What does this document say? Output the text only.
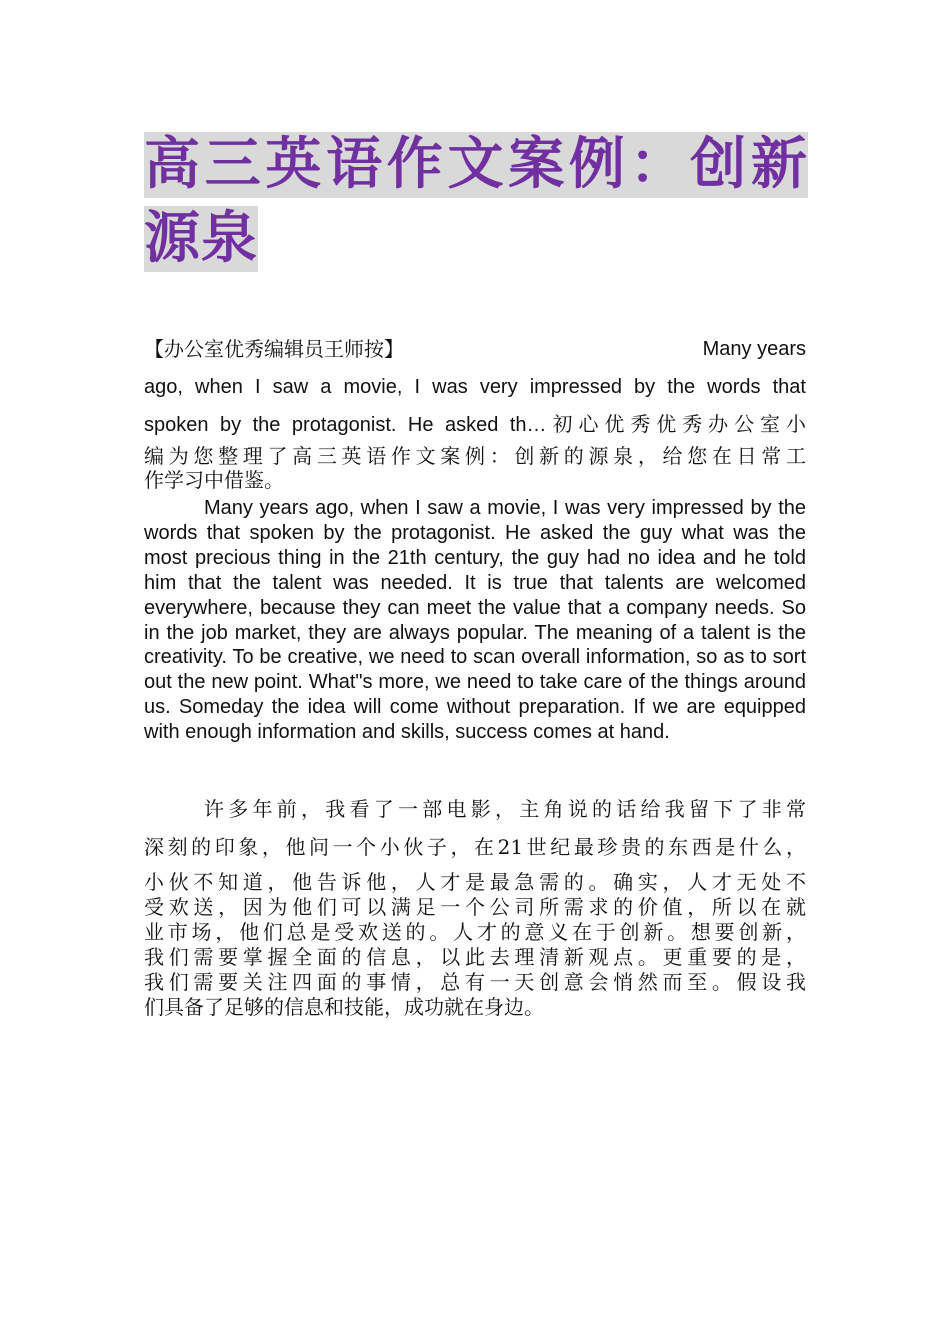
高三英语作文案例：创新
源泉
【办公室优秀编辑员王师按】	Many years
ago, when I saw a movie, I was very impressed by the words that
spoken by the protagonist. He asked th…初心优秀优秀办公室小
编为您整理了高三英语作文案例：创新的源泉，给您在日常工
作学习中借鉴。

Many years ago, when I saw a movie, I was very impressed by the words that spoken by the protagonist. He asked the guy what was the most precious thing in the 21th century, the guy had no idea and he told him that the talent was needed. It is true that talents are welcomed everywhere, because they can meet the value that a company needs. So in the job market, they are always popular. The meaning of a talent is the creativity. To be creative, we need to scan overall information, so as to sort out the new point. What"s more, we need to take care of the things around us. Someday the idea will come without preparation. If we are equipped with enough information and skills, success comes at hand.

许多年前，我看了一部电影，主角说的话给我留下了非常
深刻的印象，他问一个小伙子，在21世纪最珍贵的东西是什么，
小伙不知道，他告诉他，人才是最急需的。确实，人才无处不
受欢送，因为他们可以满足一个公司所需求的价值，所以在就
业市场，他们总是受欢送的。人才的意义在于创新。想要创新，
我们需要掌握全面的信息，以此去理清新观点。更重要的是，
我们需要关注四面的事情，总有一天创意会悄然而至。假设我
们具备了足够的信息和技能，成功就在身边。
